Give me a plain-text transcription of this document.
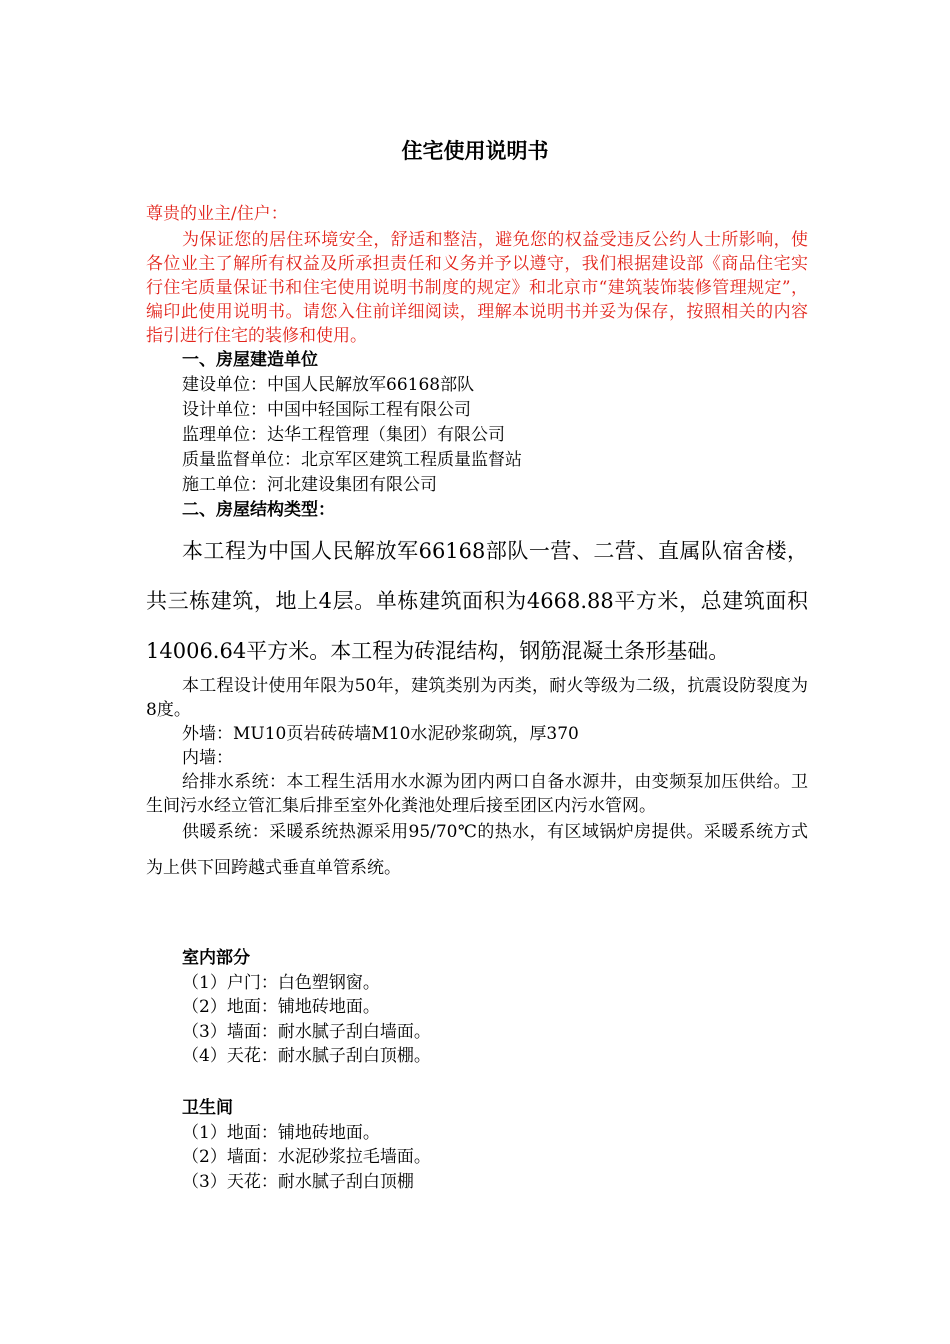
住宅使用说明书

尊贵的业主/住户：

为保证您的居住环境安全，舒适和整洁，避免您的权益受违反公约人士所影响，使各位业主了解所有权益及所承担责任和义务并予以遵守，我们根据建设部《商品住宅实行住宅质量保证书和住宅使用说明书制度的规定》和北京市“建筑装饰装修管理规定”，编印此使用说明书。请您入住前详细阅读，理解本说明书并妥为保存，按照相关的内容指引进行住宅的装修和使用。

一、房屋建造单位
建设单位：中国人民解放军66168部队
设计单位：中国中轻国际工程有限公司
监理单位：达华工程管理（集团）有限公司
质量监督单位：北京军区建筑工程质量监督站
施工单位：河北建设集团有限公司
二、房屋结构类型：

本工程为中国人民解放军66168部队一营、二营、直属队宿舍楼，共三栋建筑，地上4层。单栋建筑面积为4668.88平方米，总建筑面积14006.64平方米。本工程为砖混结构，钢筋混凝土条形基础。

本工程设计使用年限为50年，建筑类别为丙类，耐火等级为二级，抗震设防裂度为8度。

外墙：MU10页岩砖砖墙M10水泥砂浆砌筑，厚370
内墙：

给排水系统：本工程生活用水水源为团内两口自备水源井，由变频泵加压供给。卫生间污水经立管汇集后排至室外化粪池处理后接至团区内污水管网。

供暖系统：采暖系统热源采用95/70℃的热水，有区域锅炉房提供。采暖系统方式为上供下回跨越式垂直单管系统。

室内部分
（1）户门：白色塑钢窗。
（2）地面：铺地砖地面。
（3）墙面：耐水腻子刮白墙面。
（4）天花：耐水腻子刮白顶棚。
卫生间
（1）地面：铺地砖地面。
（2）墙面：水泥砂浆拉毛墙面。
（3）天花：耐水腻子刮白顶棚
